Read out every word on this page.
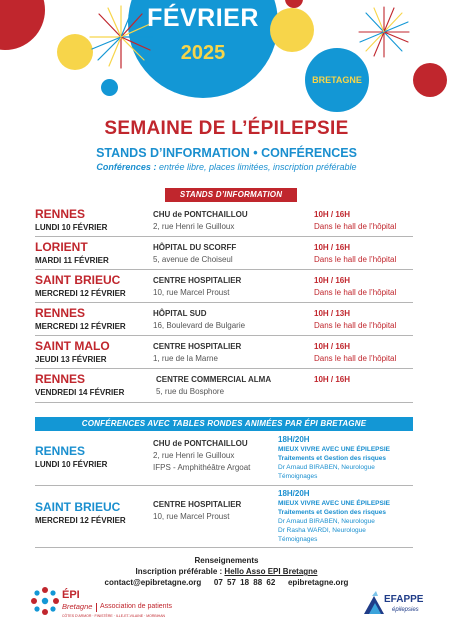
FÉVRIER
2025
BRETAGNE
SEMAINE DE L’ÉPILEPSIE
STANDS D’INFORMATION • CONFÉRENCES
Conférences : entrée libre, places limitées, inscription préférable
STANDS D’INFORMATION
RENNES
LUNDI 10 FÉVRIER
CHU de PONTCHAILLOU
2, rue Henri le Guilloux
10H / 16H
Dans le hall de l’hôpital
LORIENT
MARDI 11 FÉVRIER
HÔPITAL DU SCORFF
5, avenue de Choiseul
10H / 16H
Dans le hall de l’hôpital
SAINT BRIEUC
MERCREDI 12 FÉVRIER
CENTRE HOSPITALIER
10, rue Marcel Proust
10H / 16H
Dans le hall de l’hôpital
RENNES
MERCREDI 12 FÉVRIER
HÔPITAL SUD
16, Boulevard de Bulgarie
10H / 13H
Dans le hall de l’hôpital
SAINT MALO
JEUDI 13 FÉVRIER
CENTRE HOSPITALIER
1, rue de la Marne
10H / 16H
Dans le hall de l’hôpital
RENNES
VENDREDI 14 FÉVRIER
CENTRE COMMERCIAL ALMA
5, rue du Bosphore
10H / 16H
CONFÉRENCES AVEC TABLES RONDES ANIMÉES PAR ÉPI BRETAGNE
RENNES
LUNDI 10 FÉVRIER
CHU de PONTCHAILLOU
2, rue Henri le Guilloux
IFPS - Amphithéâtre Argoat
18H/20H
MIEUX VIVRE AVEC UNE ÉPILEPSIE
Traitements et Gestion des risques
Dr Arnaud BIRABEN, Neurologue
Témoignages
SAINT BRIEUC
MERCREDI 12 FÉVRIER
CENTRE HOSPITALIER
10, rue Marcel Proust
18H/20H
MIEUX VIVRE AVEC UNE ÉPILEPSIE
Traitements et Gestion des risques
Dr Arnaud BIRABEN, Neurologue
Dr Rasha WARDI, Neurologue
Témoignages
Renseignements
Inscription préférable : Hello Asso EPI Bretagne
contact@epibretagne.org 07 57 18 88 62 epibretagne.org
ÉPI
Bretagne Association de patients
CÔTES D’ARMOR · FINISTÈRE · ILLE-ET-VILAINE · MORBIHAN
EFAPPE
épilepsies
